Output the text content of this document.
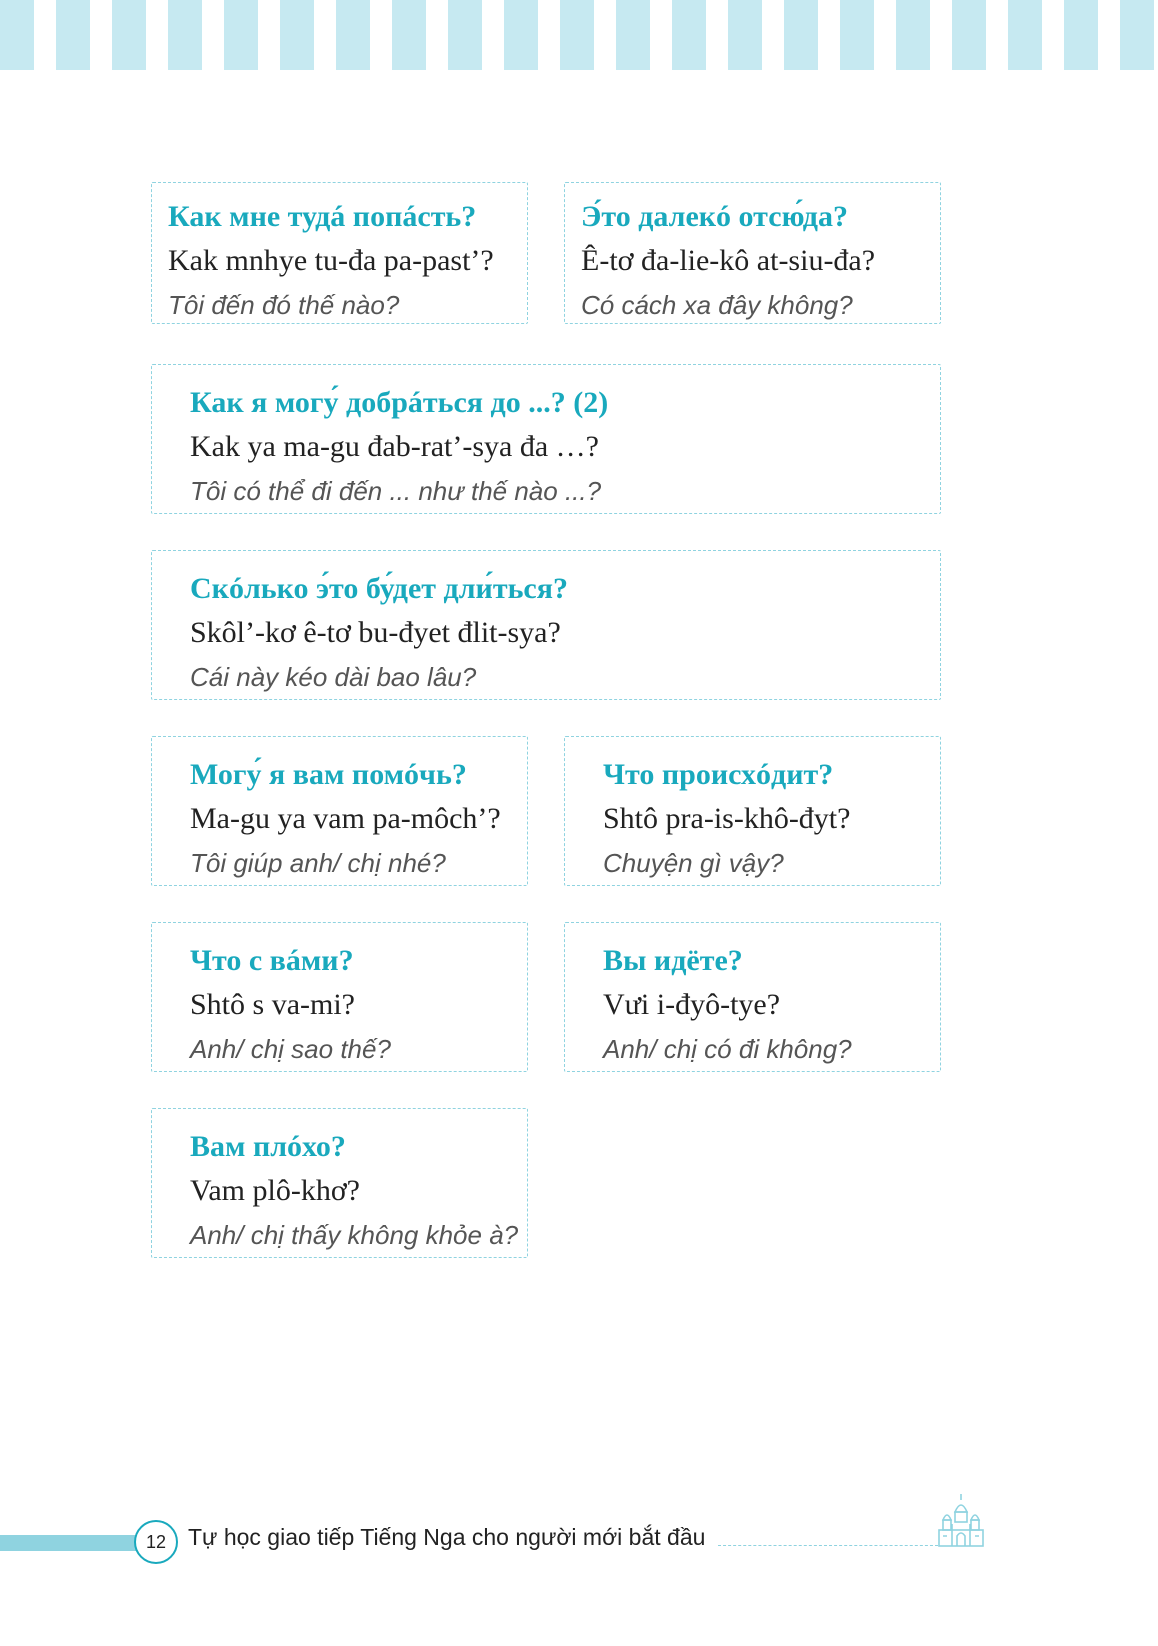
Как мне тудá попáсть?
Kak mnhye tu-đa pa-past’?
Tôi đến đó thế nào?
Э́то далекó отсю́да?
Ê-tơ đa-lie-kô at-siu-đa?
Có cách xa đây không?
Как я могу́ добрáться до ...? (2)
Kak ya ma-gu đab-rat’-sya đa …?
Tôi có thể đi đến ... như thế nào ...?
Скóлько э́то бу́дет дли́ться?
Skôl’-kơ ê-tơ bu-đyet đlit-sya?
Cái này kéo dài bao lâu?
Могу́ я вам помóчь?
Ma-gu ya vam pa-môch’?
Tôi giúp anh/ chị nhé?
Что происхóдит?
Shtô pra-is-khô-đyt?
Chuyện gì vậy?
Что с вáми?
Shtô s va-mi?
Anh/ chị sao thế?
Вы идёте?
Vưi i-đyô-tye?
Anh/ chị có đi không?
Вам плóхо?
Vam plô-khơ?
Anh/ chị thấy không khỏe à?
12 Tự học giao tiếp Tiếng Nga cho người mới bắt đầu
